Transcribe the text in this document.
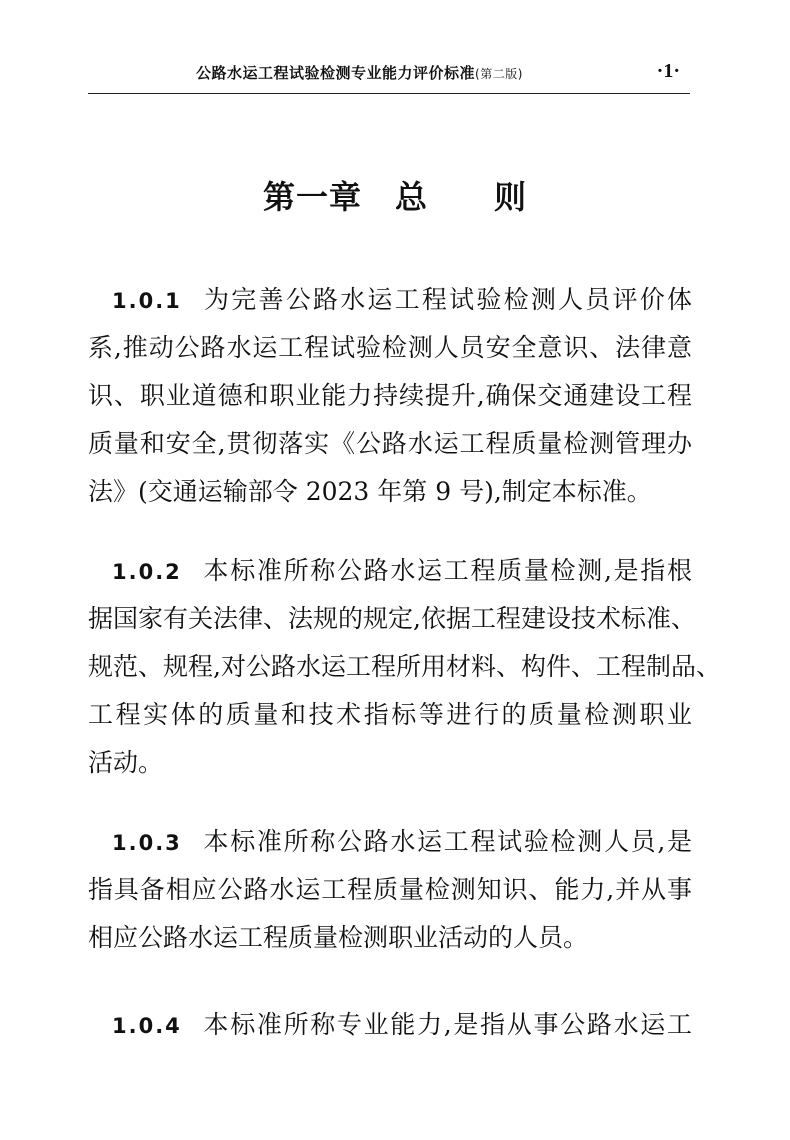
公路水运工程试验检测专业能力评价标准(第二版)	·1·
第一章　总　　则
1.0.1 为完善公路水运工程试验检测人员评价体
系,推动公路水运工程试验检测人员安全意识、法律意
识、职业道德和职业能力持续提升,确保交通建设工程
质量和安全,贯彻落实《公路水运工程质量检测管理办
法》(交通运输部令 2023 年第 9 号),制定本标准。
1.0.2 本标准所称公路水运工程质量检测,是指根
据国家有关法律、法规的规定,依据工程建设技术标准、
规范、规程,对公路水运工程所用材料、构件、工程制品、
工程实体的质量和技术指标等进行的质量检测职业
活动。
1.0.3 本标准所称公路水运工程试验检测人员,是
指具备相应公路水运工程质量检测知识、能力,并从事
相应公路水运工程质量检测职业活动的人员。
1.0.4 本标准所称专业能力,是指从事公路水运工
